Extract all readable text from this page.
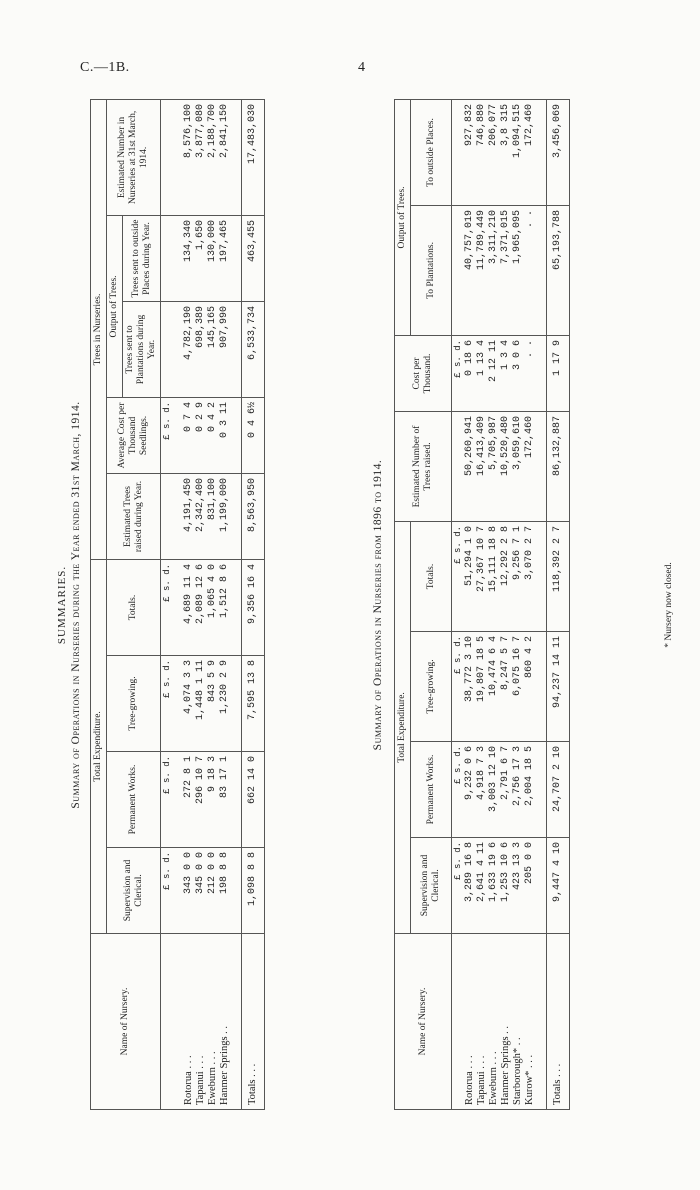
C.—1B.	4
SUMMARIES. Summary of Operations in Nurseries during the Year ended 31st March, 1914.
Name of Nursery.	Total Expenditure.				Trees in Nurseries.				
	Supervision and Clerical.	Permanent Works.	Tree-growing.	Totals.	Estimated Trees raised during Year.	Average Cost per Thousand Seedlings.	Output of Trees.		Estimated Number in Nurseries at 31st March, 1914.
							Trees sent to Plantations during Year.	Trees sent to outside Places during Year.	
	£ s. d.	£ s. d.	£ s. d.	£ s. d.		£ s. d.			
Rotorua . . .	343 0 0	272 8 1	4,074 3 3	4,689 11 4	4,191,450	0 7 4	4,782,190	134,340	8,576,100
Tapanui . . .	345 0 0	296 10 7	1,448 1 11	2,089 12 6	2,342,400	0 2 9	698,389	1,650	3,877,080
Eweburn . . .	212 0 0	9 18 3	843 5 9	1,065 4 0	831,100	0 4 2	145,165	130,000	2,188,700
Hanmer Springs . .	198 8 8	83 17 1	1,230 2 9	1,512 8 6	1,199,000	0 3 11	907,990	197,465	2,841,150
Totals . . .	1,098 8 8	662 14 0	7,595 13 8	9,356 16 4	8,563,950	0 4 6½	6,533,734	463,455	17,483,030
Summary of Operations in Nurseries from 1896 to 1914.
Name of Nursery.	Total Expenditure.				Estimated Number of Trees raised.	Cost per Thousand.	Output of Trees.	
	Supervision and Clerical.	Permanent Works.	Tree-growing.	Totals.			To Plantations.	To outside Places.
	£ s. d.	£ s. d.	£ s. d.	£ s. d.		£ s. d.		
Rotorua . . .	3,289 16 8	9,232 0 6	38,772 3 10	51,294 1 0	50,260,941	0 18 6	40,757,019	927,832
Tapanui . . .	2,641 4 11	4,918 7 3	19,807 18 5	27,367 10 7	16,413,409	1 13 4	11,789,449	746,880
Eweburn . . .	1,633 19 6	3,003 12 10	10,474 6 4	15,111 18 8	5,705,987	2 12 11	3,311,210	206,077
Hanmer Springs . .	1,253 10 6	2,791 6 7	8,247 5 7	12,292 2 8	10,520,480	1 3 4	7,371,015	3,8 315
Starborough* . .	423 13 3	2,756 17 3	6,075 16 7	9,256 7 1	3,059,610	3 0 6	1,965,095	1,094,515
Kurow* . . .	205 0 0	2,004 18 5	860 4 2	3,070 2 7	172,460	. .	. .	172,460
Totals . . .	9,447 4 10	24,707 2 10	94,237 14 11	118,392 2 7	86,132,887	1 17 9	65,193,788	3,456,069
* Nursery now closed.
